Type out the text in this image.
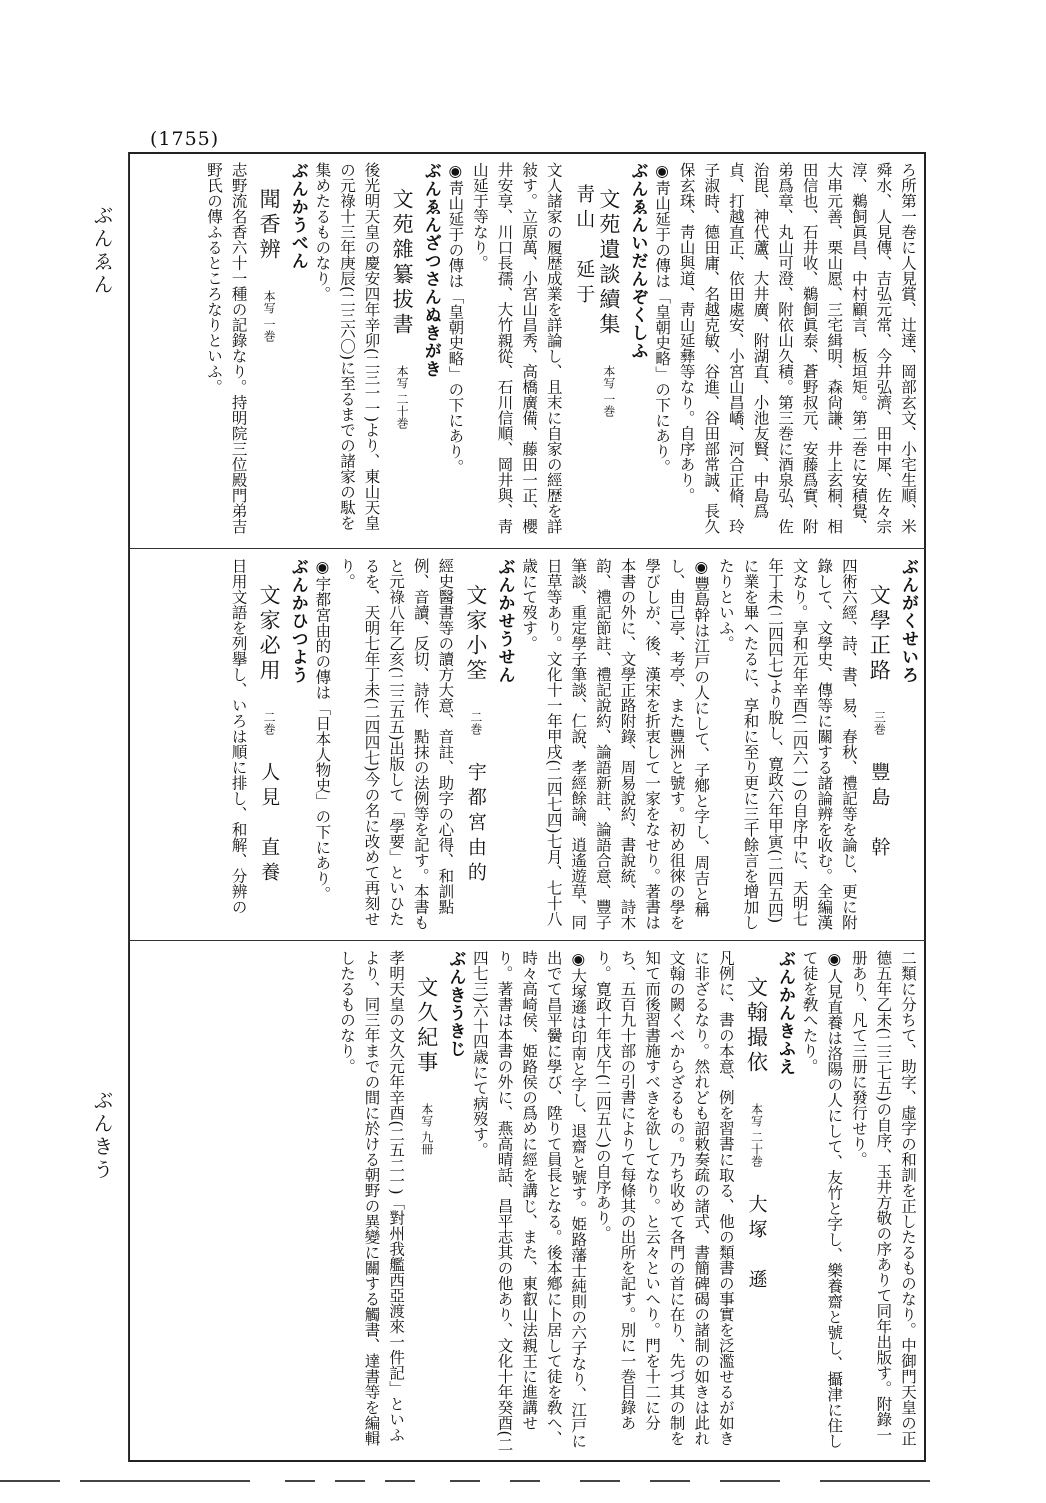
(1755)
ぶんゑん
ぶんきう
ろ所第一巻に人見賞、辻達、岡部玄文、小宅生順、米舜水、人見傳、吉弘元常、今井弘濟、田中犀、佐々宗淳、鵜飼眞昌、中村顧言、板垣矩。第二巻に安積覺、大串元善、栗山愿、三宅緝明、森尙謙、井上玄桐、相田信也、石井收、鵜飼眞泰、蒼野叔元、安藤爲實、附弟爲章、丸山可澄、附依山久積。第三巻に酒泉弘、佐治毘、神代蘆、大井廣、附湖直、小池友賢、中島爲貞、打越直正、依田處安、小宮山昌嶠、河合正脩、玲子淑時、德田庸、名越克敏、谷進、谷田部常誠、長久保玄珠、靑山與道、靑山延彝等なり。自序あり。
◉靑山延于の傳は「皇朝史略」の下にあり。
ぶんゑんいだんぞくしふ
文苑遺談續集 本写 一巻 靑山　延于
文人諸家の履歴成業を詳論し、且末に自家の經歴を詳敍す。立原萬、小宮山昌秀、高橋廣備、藤田一正、櫻井安享、川口長孺、大竹親從、石川信順、岡井與、靑山延于等なり。
◉靑山延于の傳は「皇朝史略」の下にあり。
ぶんゑんざつさんぬきがき
文苑雜纂拔書 本写 二十巻
後光明天皇の慶安四年辛卯(二三一一)より、東山天皇の元祿十三年庚辰(二三六〇)に至るまでの諸家の駄を集めたるものなり。
ぶんかうべん
聞香辨 本写 一巻
志野流名香六十一種の記錄なり。持明院三位殿門弟吉野氏の傳ふるところなりといふ。
ぶんがくせいろ
文學正路 三巻 豐島　幹
四術六經、詩、書、易、春秋、禮記等を論じ、更に附錄して、文學史、傳等に關する諸論辨を收む。全編漢文なり。享和元年辛酉(二四六一)の自序中に、天明七年丁未(二四四七)より脫し、寛政六年甲寅(二四五四)に業を畢へたるに、享和に至り更に三千餘言を增加したりといふ。
◉豐島幹は江戸の人にして、子鄕と字し、周吉と稱し、由己亭、考亭、また豐洲と號す。初め徂徠の學を學びしが、後、漢宋を折衷して一家をなせり。著書は本書の外に、文學正路附錄、周易說約、書說統、詩木韵、禮記節註、禮記說約、論語新註、論語合意、豐子筆談、重定學子筆談、仁說、孝經餘論、逍遙遊草、同日草等あり。文化十一年甲戌(二四七四)七月、七十八歳にて歿す。
ぶんかせうせん
文家小筌 二巻 宇都宮由的
經史醫書等の讀方大意、音註、助字の心得、和訓點例、音讀、反切、詩作、點抹の法例等を記す。本書もと元祿八年乙亥(二三五五)出版して「學要」といひたるを、天明七年丁未(二四四七)今の名に改めて再刻せり。
◉宇都宮由的の傳は「日本人物史」の下にあり。
ぶんかひつよう
文家必用 二巻 人見　直養
日用文語を列擧し、いろは順に排し、和解、分辨の
二類に分ちて、助字、虛字の和訓を正したるものなり。中御門天皇の正德五年乙未(二三七五)の自序、玉井方敬の序ありて同年出版す。附錄一册あり、凡て三册に發行せり。
◉人見直養は洛陽の人にして、友竹と字し、樂養齋と號し、攝津に住して徒を敎へたり。
ぶんかんきふえ
文翰撮依 本写 二十巻 大塚　遜
凡例に、書の本意、例を習書に取る、他の類書の事實を泛濫せるが如きに非ざるなり。然れども詔敕奏疏の諸式、書簡碑碣の諸制の如きは此れ文翰の闕くべからざるもの。乃ち收めて各門の首に在り、先づ其の制を知て而後習書施すべきを欲してなり。と云々といへり。門を十二に分ち、五百九十部の引書によりて每條其の出所を記す。別に一巻目錄あり。寛政十年戊午(二四五八)の自序あり。
◉大塚遜は印南と字し、退齋と號す。姫路藩士純則の六子なり、江戸に出でて昌平黌に學び、陞りて員長となる。後本鄕に卜居して徒を敎へ、時々高崎侯、姫路侯の爲めに經を講じ、また、東叡山法親王に進講せり。著書は本書の外に、燕高晴話、昌平志其の他あり、文化十年癸酉(二四七三)六十四歳にて病歿す。
ぶんきうきじ
文久紀事 本写 九冊
孝明天皇の文久元年辛酉(二五二一)「對州我艦西亞渡來一件記」といふより、同三年までの間に於ける朝野の異變に關する觸書、達書等を編輯したるものなり。
